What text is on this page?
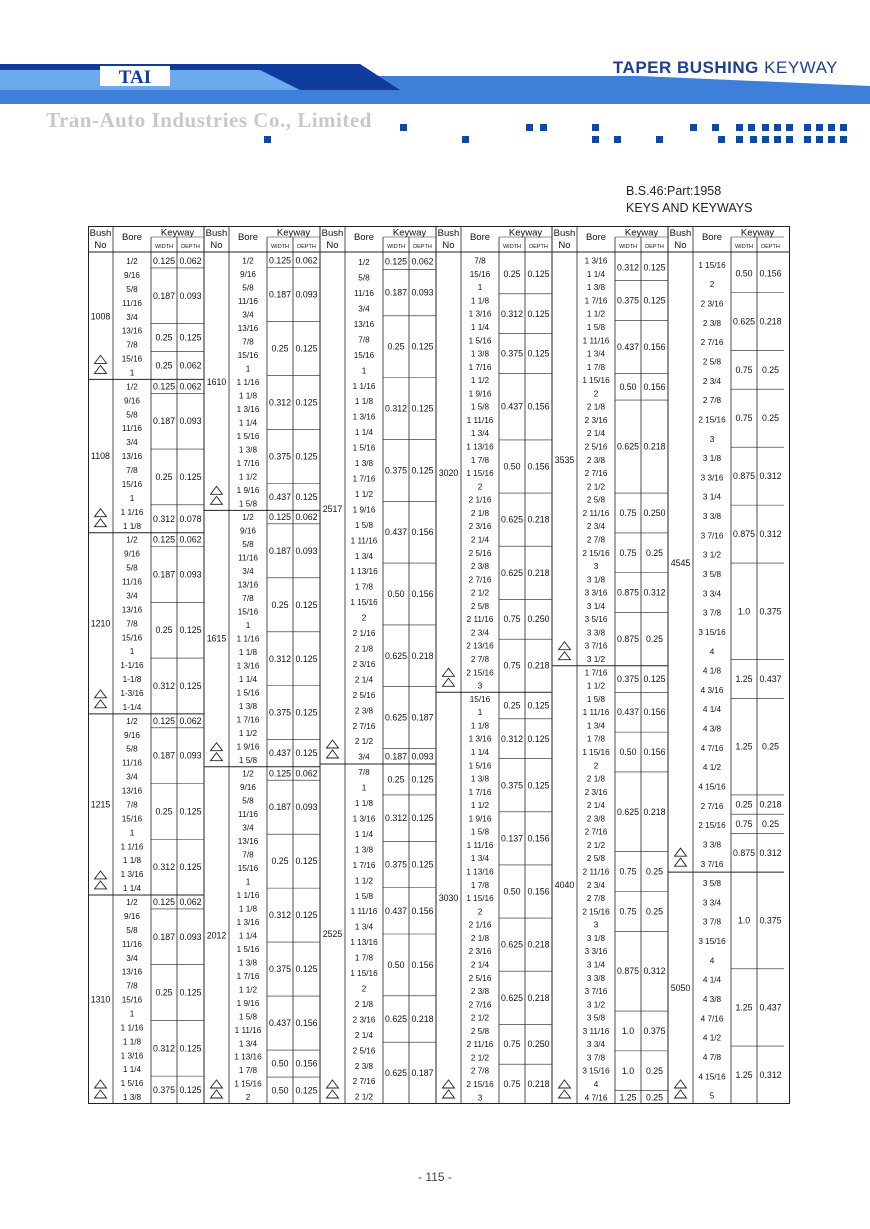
TAI	TAPER BUSHING KEYWAY
Tran-Auto Industries Co., Limited
B.S.46:Part:1958
KEYS AND KEYWAYS
Bush
No
Bore Keyway
WIDTH DEPTH
1/2
9/16
5/8
11/16
3/4
13/16
7/8
15/16
1
0.125 0.062
0.187 0.093
0.25 0.125
0.25 0.062
1008
1/2
9/16
5/8
11/16
3/4
13/16
7/8
15/16
1
1 1/16
1 1/8
0.125 0.062
0.187 0.093
0.25 0.125
0.312 0.078
1108
1/2
9/16
5/8
11/16
3/4
13/16
7/8
15/16
1
1-1/16
1-1/8
1-3/16
1-1/4
0.125 0.062
0.187 0.093
0.25 0.125
0.312 0.125
1210
1/2
9/16
5/8
11/16
3/4
13/16
7/8
15/16
1
1 1/16
1 1/8
1 3/16
1 1/4
0.125 0.062
0.187 0.093
0.25 0.125
0.312 0.125
1215
1/2
9/16
5/8
11/16
3/4
13/16
7/8
15/16
1
1 1/16
1 1/8
1 3/16
1 1/4
1 5/16
1 3/8
0.125 0.062
0.187 0.093
0.25 0.125
0.312 0.125
0.375 0.125
1310
Bush
No
Bore Keyway
WIDTH DEPTH
1/2
9/16
5/8
11/16
3/4
13/16
7/8
15/16
1
1 1/16
1 1/8
1 3/16
1 1/4
1 5/16
1 3/8
1 7/16
1 1/2
1 9/16
1 5/8
0.125 0.062
0.187 0.093
0.25 0.125
0.312 0.125
0.375 0.125
0.437 0.125
1610
1/2
9/16
5/8
11/16
3/4
13/16
7/8
15/16
1
1 1/16
1 1/8
1 3/16
1 1/4
1 5/16
1 3/8
1 7/16
1 1/2
1 9/16
1 5/8
0.125 0.062
0.187 0.093
0.25 0.125
0.312 0.125
0.375 0.125
0.437 0.125
1615
1/2
9/16
5/8
11/16
3/4
13/16
7/8
15/16
1
1 1/16
1 1/8
1 3/16
1 1/4
1 5/16
1 3/8
1 7/16
1 1/2
1 9/16
1 5/8
1 11/16
1 3/4
1 13/16
1 7/8
1 15/16
2
0.125 0.062
0.187 0.093
0.25 0.125
0.312 0.125
0.375 0.125
0.437 0.156
0.50 0.156
0.50 0.125
2012
Bush
No
Bore Keyway
WIDTH DEPTH
1/2
5/8
11/16
3/4
13/16
7/8
15/16
1
1 1/16
1 1/8
1 3/16
1 1/4
1 5/16
1 3/8
1 7/16
1 1/2
1 9/16
1 5/8
1 11/16
1 3/4
1 13/16
1 7/8
1 15/16
2
2 1/16
2 1/8
2 3/16
2 1/4
2 5/16
2 3/8
2 7/16
2 1/2
3/4
0.125 0.062
0.187 0.093
0.25 0.125
0.312 0.125
0.375 0.125
0.437 0.156
0.50 0.156
0.625 0.218
0.625 0.187
0.187 0.093
2517
7/8
1
1 1/8
1 3/16
1 1/4
1 3/8
1 7/16
1 1/2
1 5/8
1 11/16
1 3/4
1 13/16
1 7/8
1 15/16
2
2 1/8
2 3/16
2 1/4
2 5/16
2 3/8
2 7/16
2 1/2
0.25 0.125
0.312 0.125
0.375 0.125
0.437 0.156
0.50 0.156
0.625 0.218
0.625 0.187
2525
Bush
No
Bore Keyway
WIDTH DEPTH
7/8
15/16
1
1 1/8
1 3/16
1 1/4
1 5/16
1 3/8
1 7/16
1 1/2
1 9/16
1 5/8
1 11/16
1 3/4
1 13/16
1 7/8
1 15/16
2
2 1/16
2 1/8
2 3/16
2 1/4
2 5/16
2 3/8
2 7/16
2 1/2
2 5/8
2 11/16
2 3/4
2 13/16
2 7/8
2 15/16
3
0.25 0.125
0.312 0.125
0.375 0.125
0.437 0.156
0.50 0.156
0.625 0.218
0.625 0.218
0.75 0.250
0.75 0.218
3020
15/16
1
1 1/8
1 3/16
1 1/4
1 5/16
1 3/8
1 7/16
1 1/2
1 9/16
1 5/8
1 11/16
1 3/4
1 13/16
1 7/8
1 15/16
2
2 1/16
2 1/8
2 3/16
2 1/4
2 5/16
2 3/8
2 7/16
2 1/2
2 5/8
2 11/16
2 1/2
2 7/8
2 15/16
3
0.25 0.125
0.312 0.125
0.375 0.125
0.137 0.156
0.50 0.156
0.625 0.218
0.625 0.218
0.75 0.250
0.75 0.218
3030
Bush
No
Bore Keyway
WIDTH DEPTH
1 3/16
1 1/4
1 3/8
1 7/16
1 1/2
1 5/8
1 11/16
1 3/4
1 7/8
1 15/16
2
2 1/8
2 3/16
2 1/4
2 5/16
2 3/8
2 7/16
2 1/2
2 5/8
2 11/16
2 3/4
2 7/8
2 15/16
3
3 1/8
3 3/16
3 1/4
3 5/16
3 3/8
3 7/16
3 1/2
0.312 0.125
0.375 0.125
0.437 0.156
0.50 0.156
0.625 0.218
0.75 0.250
0.75 0.25
0.875 0.312
0.875 0.25
3535
1 7/16
1 1/2
1 5/8
1 11/16
1 3/4
1 7/8
1 15/16
2
2 1/8
2 3/16
2 1/4
2 3/8
2 7/16
2 1/2
2 5/8
2 11/16
2 3/4
2 7/8
2 15/16
3
3 1/8
3 3/16
3 1/4
3 3/8
3 7/16
3 1/2
3 5/8
3 11/16
3 3/4
3 7/8
3 15/16
4
4 7/16
0.375 0.125
0.437 0.156
0.50 0.156
0.625 0.218
0.75 0.25
0.75 0.25
0.875 0.312
1.0 0.375
1.0 0.25
1.25 0.25
4040
Bush
No
Bore Keyway
WIDTH DEPTH
1 15/16
2
2 3/16
2 3/8
2 7/16
2 5/8
2 3/4
2 7/8
2 15/16
3
3 1/8
3 3/16
3 1/4
3 3/8
3 7/16
3 1/2
3 5/8
3 3/4
3 7/8
3 15/16
4
4 1/8
4 3/16
4 1/4
4 3/8
4 7/16
4 1/2
4 15/16
2 7/16
2 15/16
3 3/8
3 7/16
0.50 0.156
0.625 0.218
0.75 0.25
0.75 0.25
0.875 0.312
0.875 0.312
1.0 0.375
1.25 0.437
1.25 0.25
0.25 0.218
0.75 0.25
0.875 0.312
4545
3 5/8
3 3/4
3 7/8
3 15/16
4
4 1/4
4 3/8
4 7/16
4 1/2
4 7/8
4 15/16
5
1.0 0.375
1.25 0.437
1.25 0.312
5050
- 115 -
